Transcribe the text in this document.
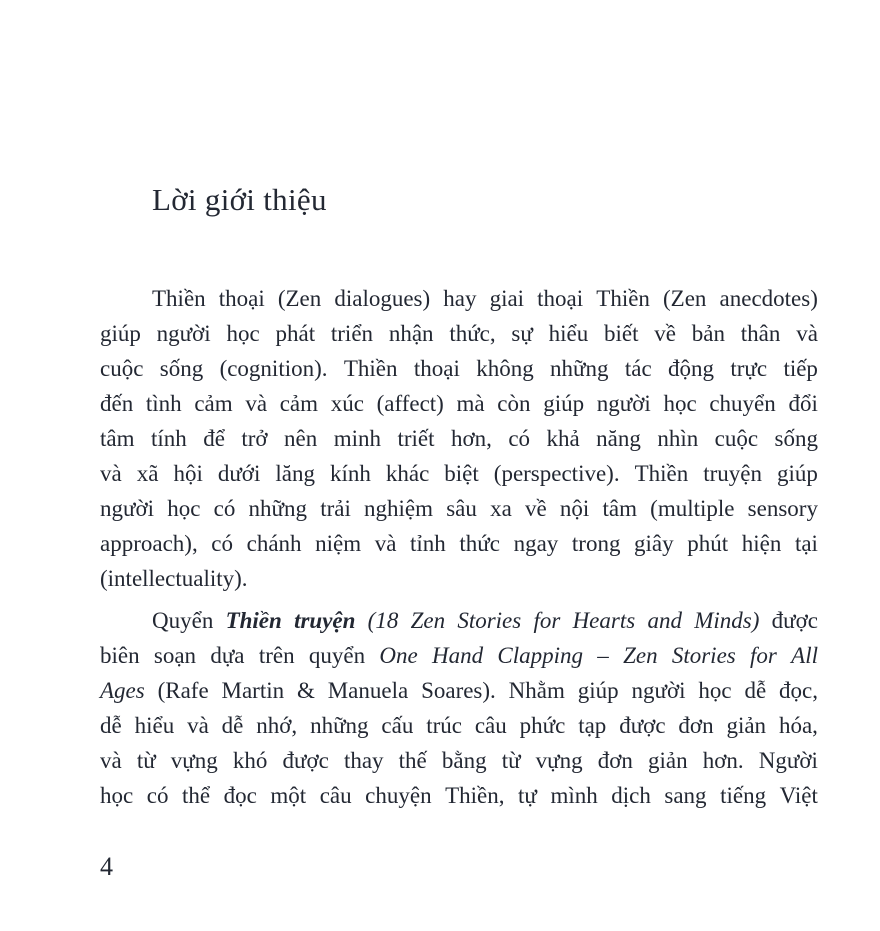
Lời giới thiệu
Thiền thoại (Zen dialogues) hay giai thoại Thiền (Zen anecdotes)
giúp người học phát triển nhận thức, sự hiểu biết về bản thân và
cuộc sống (cognition). Thiền thoại không những tác động trực tiếp
đến tình cảm và cảm xúc (affect) mà còn giúp người học chuyển đổi
tâm tính để trở nên minh triết hơn, có khả năng nhìn cuộc sống
và xã hội dưới lăng kính khác biệt (perspective). Thiền truyện giúp
người học có những trải nghiệm sâu xa về nội tâm (multiple sensory
approach), có chánh niệm và tỉnh thức ngay trong giây phút hiện tại
(intellectuality).
Quyển Thiền truyện (18 Zen Stories for Hearts and Minds) được
biên soạn dựa trên quyển One Hand Clapping – Zen Stories for All
Ages (Rafe Martin & Manuela Soares). Nhằm giúp người học dễ đọc,
dễ hiểu và dễ nhớ, những cấu trúc câu phức tạp được đơn giản hóa,
và từ vựng khó được thay thế bằng từ vựng đơn giản hơn. Người
học có thể đọc một câu chuyện Thiền, tự mình dịch sang tiếng Việt
4
